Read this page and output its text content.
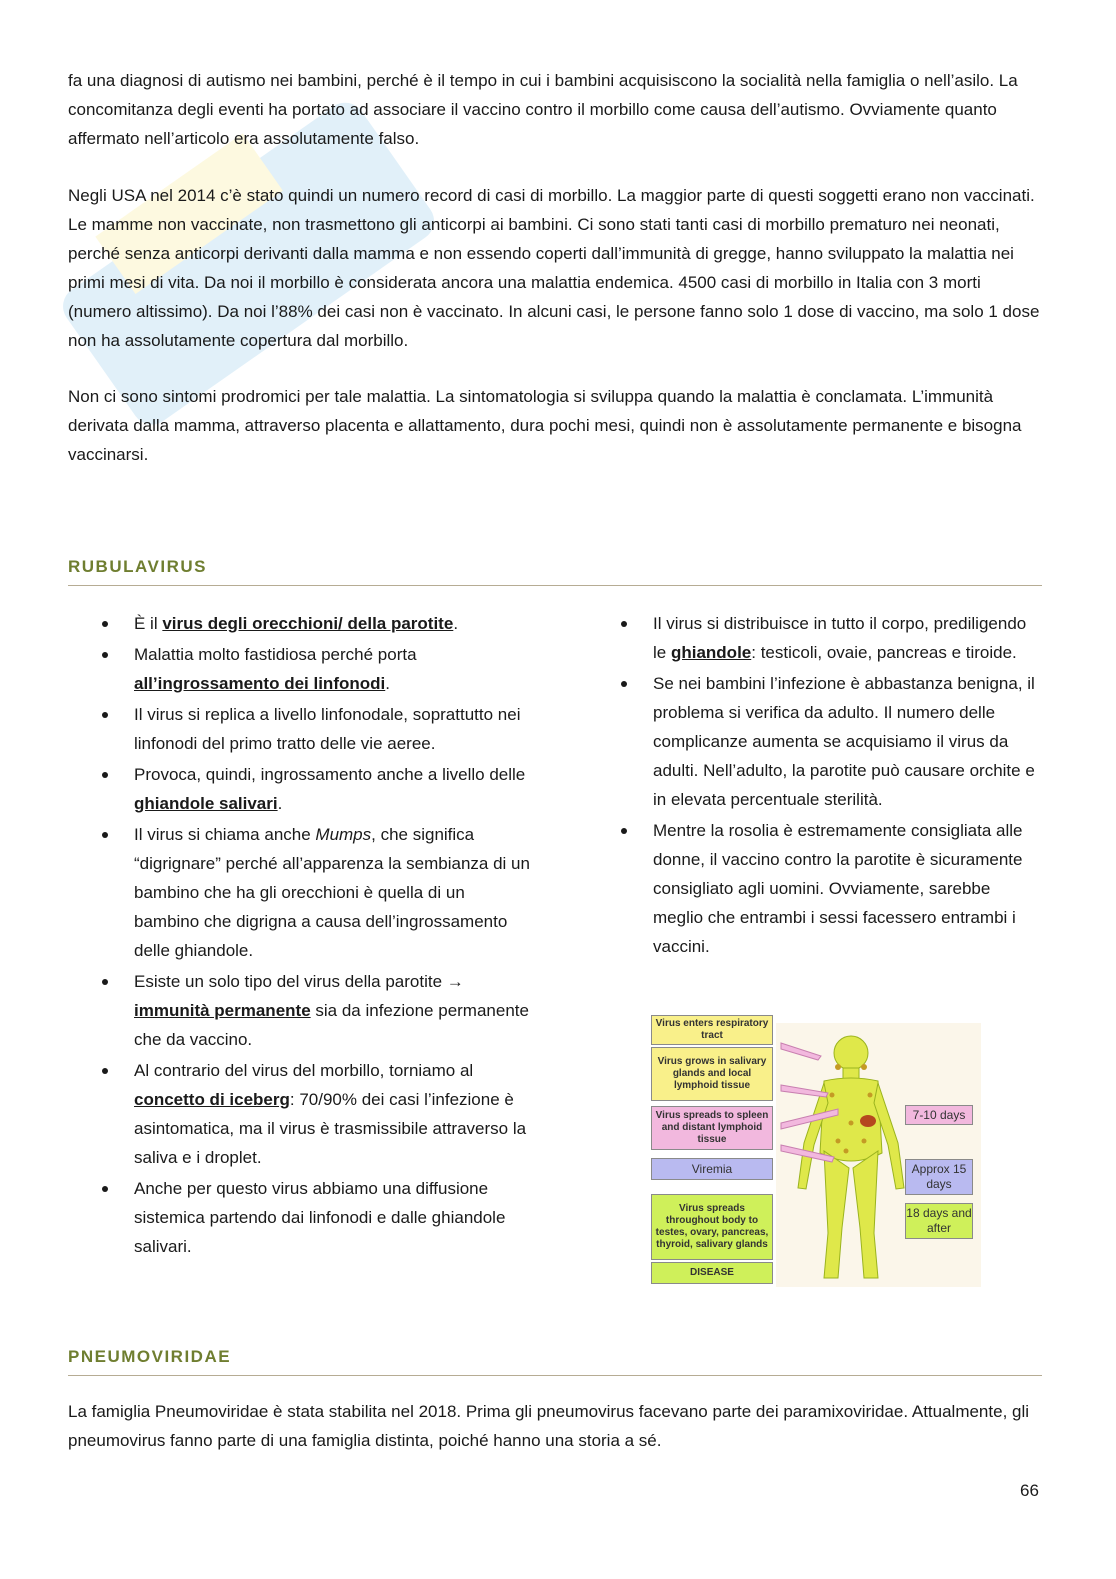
fa una diagnosi di autismo nei bambini, perché è il tempo in cui i bambini acquisiscono la socialità nella famiglia o nell’asilo. La concomitanza degli eventi ha portato ad associare il vaccino contro il morbillo come causa dell’autismo. Ovviamente quanto affermato nell’articolo era assolutamente falso.

Negli USA nel 2014 c’è stato quindi un numero record di casi di morbillo. La maggior parte di questi soggetti erano non vaccinati. Le mamme non vaccinate, non trasmettono gli anticorpi ai bambini. Ci sono stati tanti casi di morbillo prematuro nei neonati, perché senza anticorpi derivanti dalla mamma e non essendo coperti dall’immunità di gregge, hanno sviluppato la malattia nei primi mesi di vita. Da noi il morbillo è considerata ancora una malattia endemica. 4500 casi di morbillo in Italia con 3 morti (numero altissimo). Da noi l’88% dei casi non è vaccinato. In alcuni casi, le persone fanno solo 1 dose di vaccino, ma solo 1 dose non ha assolutamente copertura dal morbillo.

Non ci sono sintomi prodromici per tale malattia. La sintomatologia si sviluppa quando la malattia è conclamata. L’immunità derivata dalla mamma, attraverso placenta e allattamento, dura pochi mesi, quindi non è assolutamente permanente e bisogna vaccinarsi.

RUBULAVIRUS
È il virus degli orecchioni/ della parotite.
Malattia molto fastidiosa perché porta all’ingrossamento dei linfonodi.
Il virus si replica a livello linfonodale, soprattutto nei linfonodi del primo tratto delle vie aeree.
Provoca, quindi, ingrossamento anche a livello delle ghiandole salivari.
Il virus si chiama anche Mumps, che significa “digrignare” perché all’apparenza la sembianza di un bambino che ha gli orecchioni è quella di un bambino che digrigna a causa dell’ingrossamento delle ghiandole.
Esiste un solo tipo del virus della parotite → immunità permanente sia da infezione permanente che da vaccino.
Al contrario del virus del morbillo, torniamo al concetto di iceberg: 70/90% dei casi l’infezione è asintomatica, ma il virus è trasmissibile attraverso la saliva e i droplet.
Anche per questo virus abbiamo una diffusione sistemica partendo dai linfonodi e dalle ghiandole salivari.
Il virus si distribuisce in tutto il corpo, prediligendo le ghiandole: testicoli, ovaie, pancreas e tiroide.
Se nei bambini l’infezione è abbastanza benigna, il problema si verifica da adulto. Il numero delle complicanze aumenta se acquisiamo il virus da adulti. Nell’adulto, la parotite può causare orchite e in elevata percentuale sterilità.
Mentre la rosolia è estremamente consigliata alle donne, il vaccino contro la parotite è sicuramente consigliato agli uomini. Ovviamente, sarebbe meglio che entrambi i sessi facessero entrambi i vaccini.
Virus enters respiratory tract
Virus grows in salivary glands and local lymphoid tissue
Virus spreads to spleen and distant lymphoid tissue
Viremia
Virus spreads throughout body to testes, ovary, pancreas, thyroid, salivary glands
DISEASE
7-10 days
Approx 15 days
18 days and after
PNEUMOVIRIDAE

La famiglia Pneumoviridae è stata stabilita nel 2018. Prima gli pneumovirus facevano parte dei paramixoviridae. Attualmente, gli pneumovirus fanno parte di una famiglia distinta, poiché hanno una storia a sé.

66
